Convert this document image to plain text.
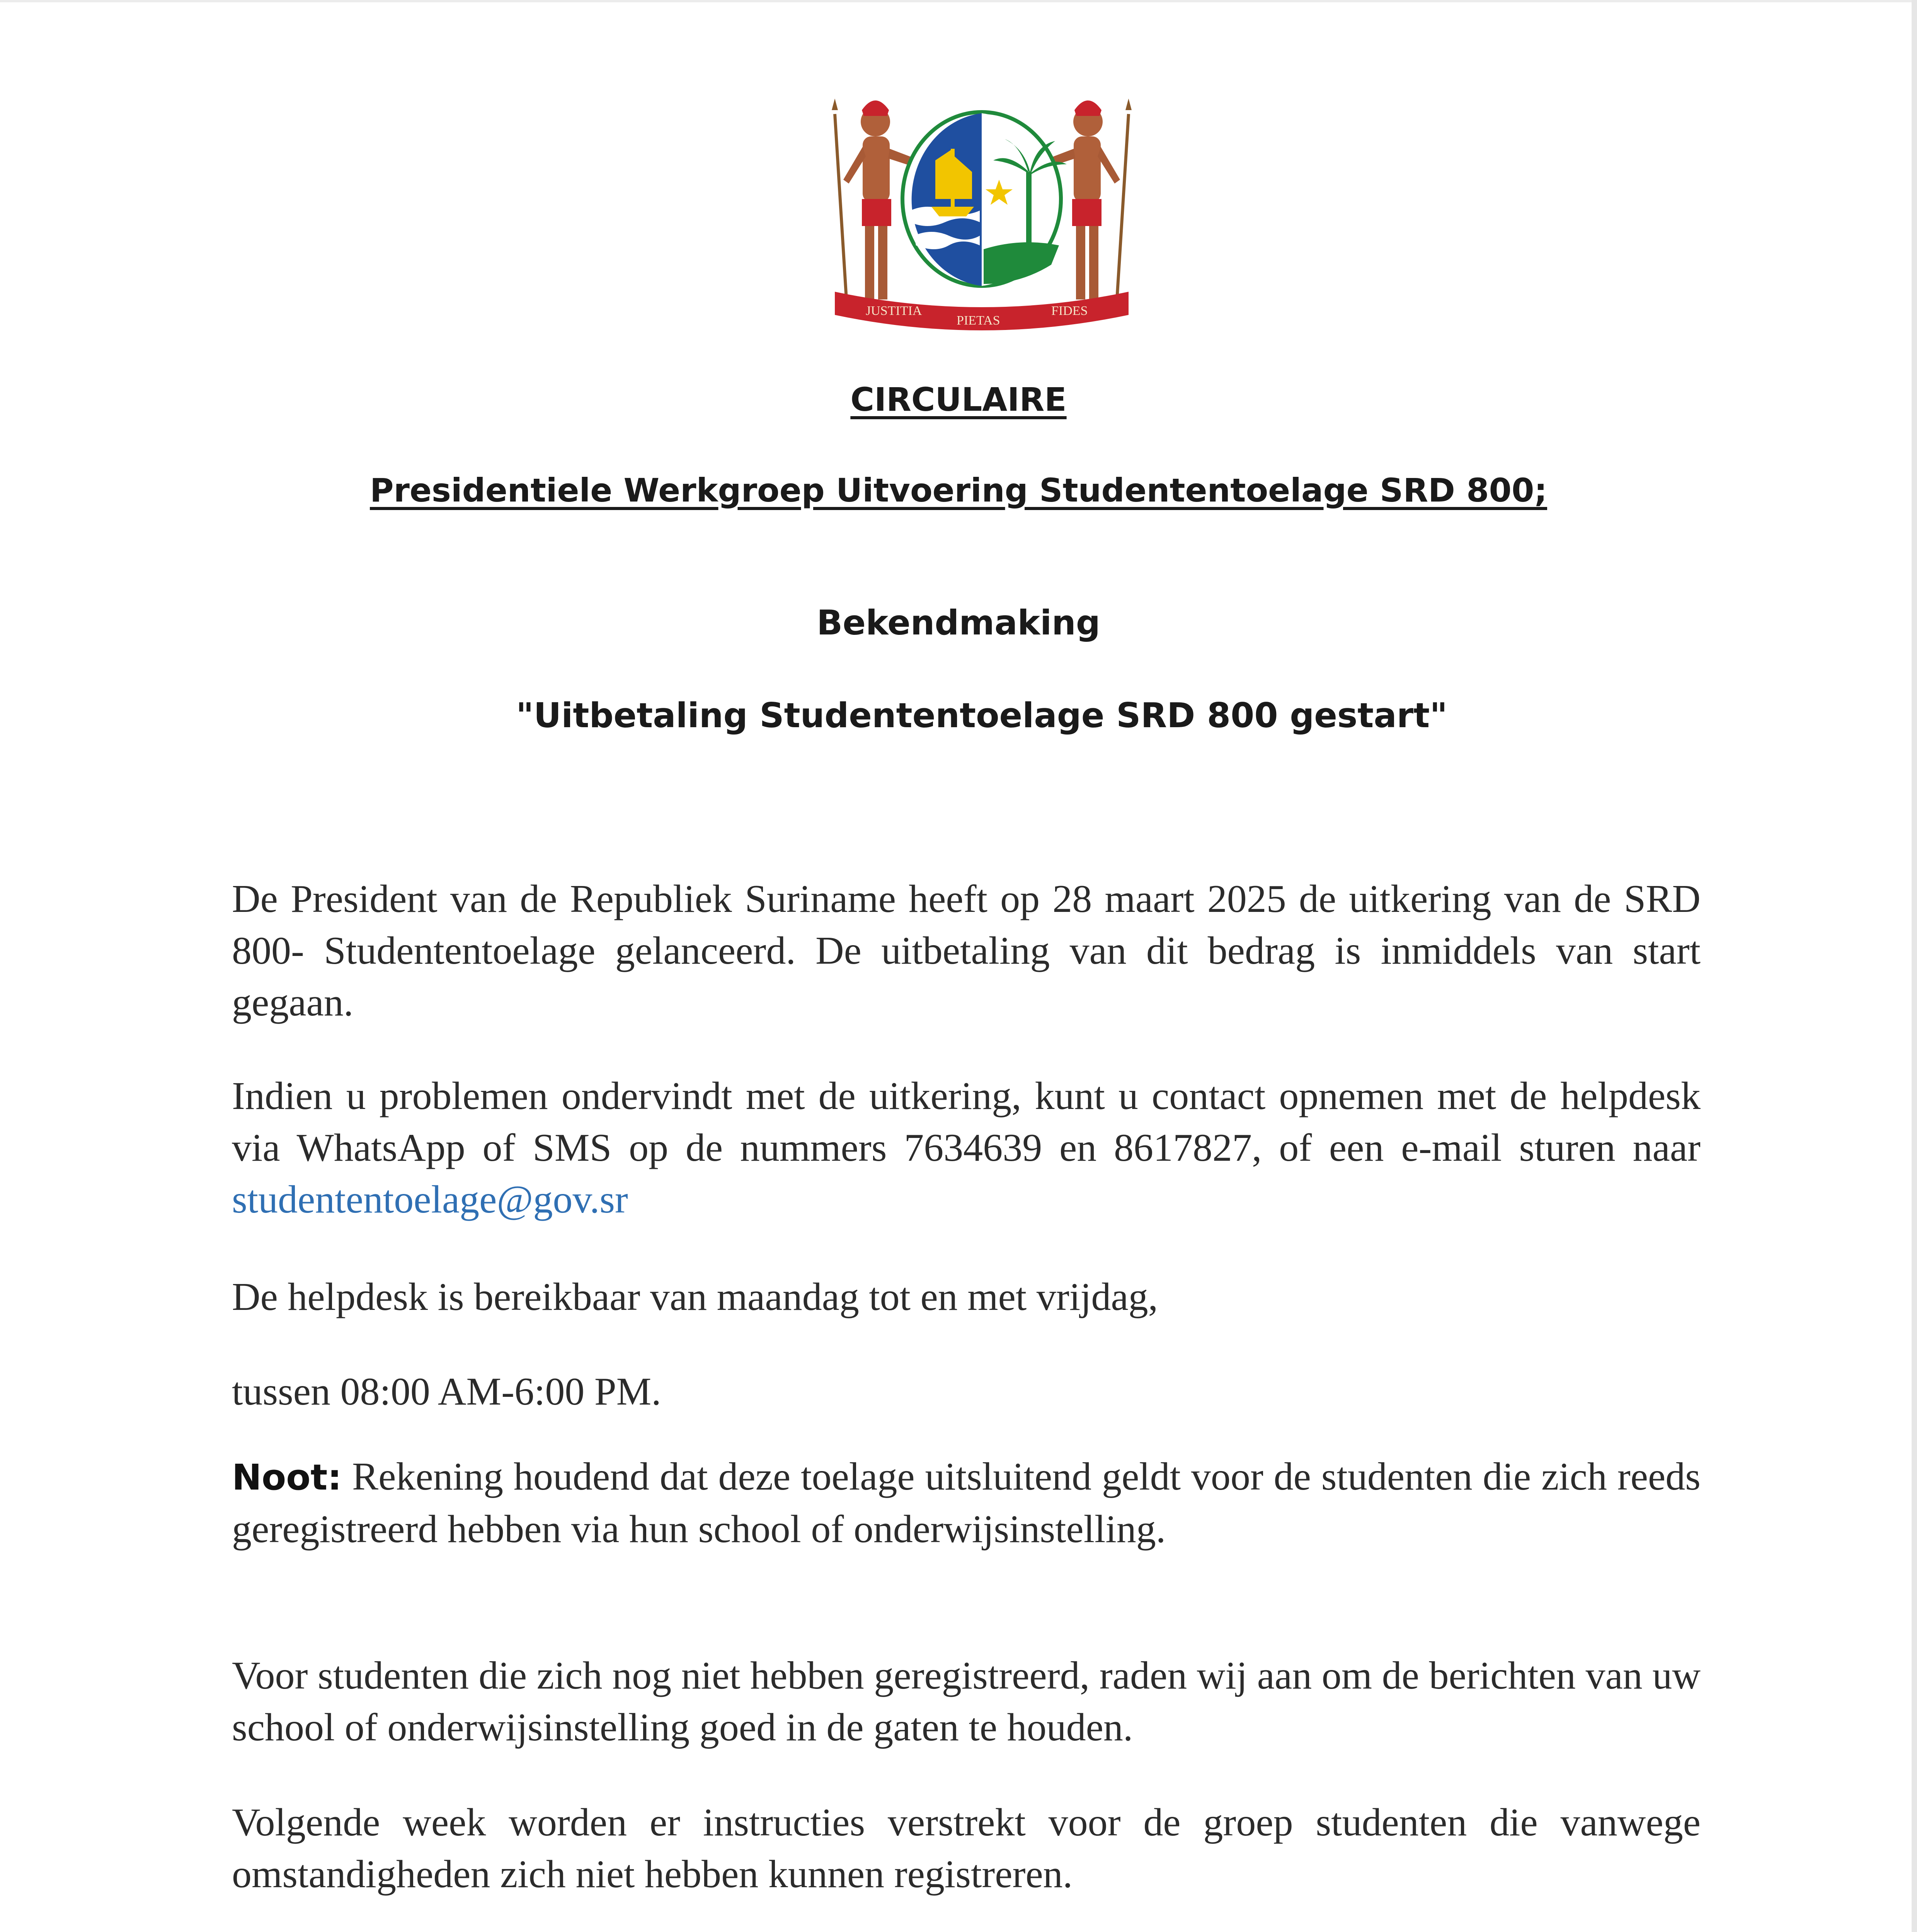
JUSTITIA
PIETAS
FIDES
CIRCULAIRE
Presidentiele Werkgroep Uitvoering Studententoelage SRD 800;
Bekendmaking
"Uitbetaling Studententoelage SRD 800 gestart"
De President van de Republiek Suriname heeft op 28 maart 2025 de uitkering van de SRD 800- Studententoelage gelanceerd. De uitbetaling van dit bedrag is inmiddels van start gegaan.
Indien u problemen ondervindt met de uitkering, kunt u contact opnemen met de helpdesk via WhatsApp of SMS op de nummers 7634639 en 8617827, of een e-mail sturen naar studententoelage@gov.sr
De helpdesk is bereikbaar van maandag tot en met vrijdag,
tussen 08:00 AM-6:00 PM.
Noot: Rekening houdend dat deze toelage uitsluitend geldt voor de studenten die zich reeds geregistreerd hebben via hun school of onderwijsinstelling.
Voor studenten die zich nog niet hebben geregistreerd, raden wij aan om de berichten van uw school of onderwijsinstelling goed in de gaten te houden.
Volgende week worden er instructies verstrekt voor de groep studenten die vanwege omstandigheden zich niet hebben kunnen registreren.
